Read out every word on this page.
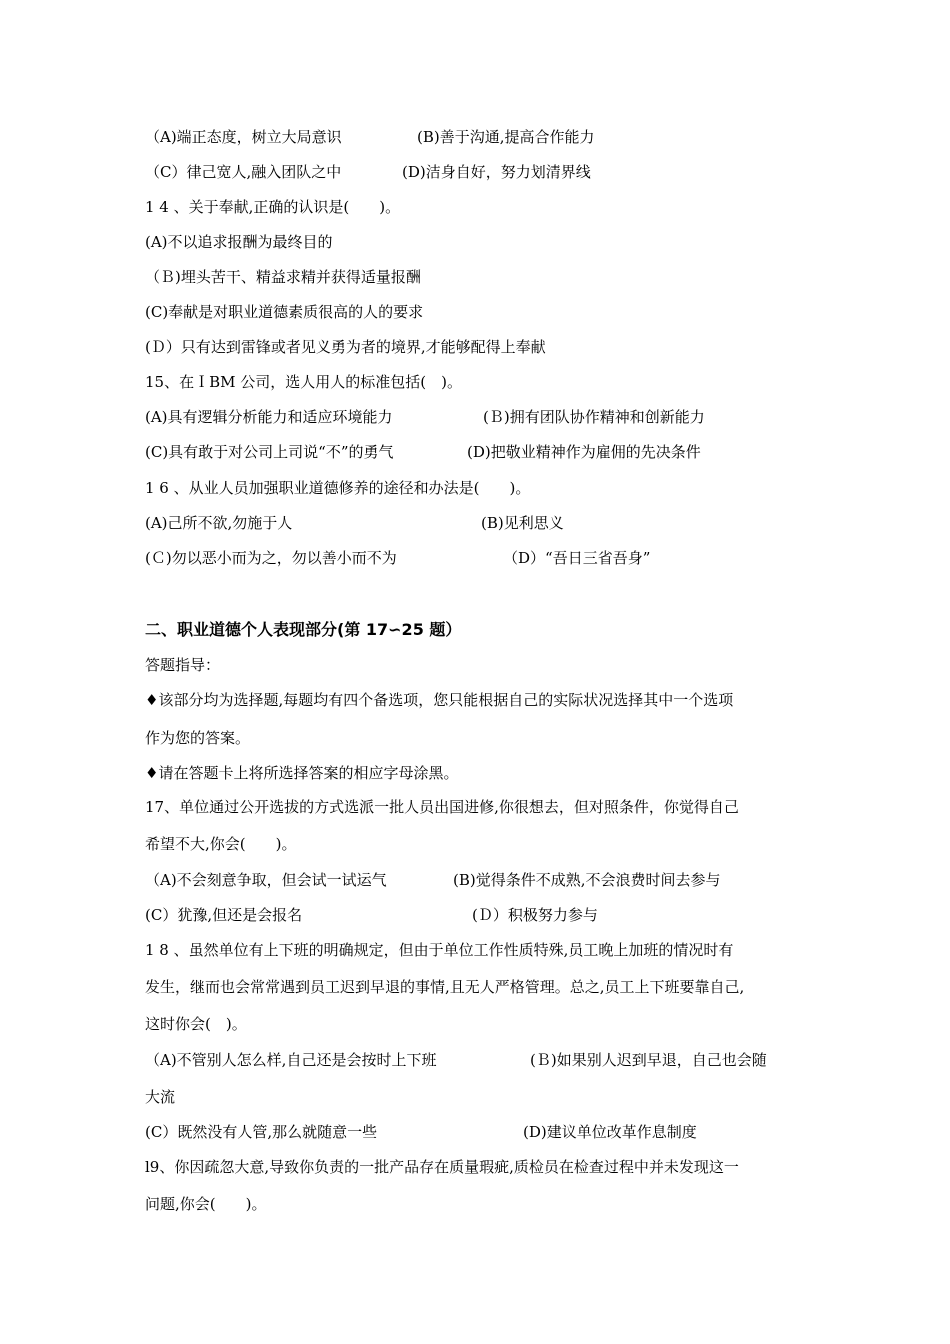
（A)端正态度，树立大局意识	(B)善于沟通,提高合作能力
（C）律己宽人,融入团队之中	(D)洁身自好，努力划清界线
1 4 、关于奉献,正确的认识是(　　)。
(A)不以追求报酬为最终目的
（Ｂ)埋头苦干、精益求精并获得适量报酬
(C)奉献是对职业道德素质很高的人的要求
(Ｄ）只有达到雷锋或者见义勇为者的境界,才能够配得上奉献
15、在ＩBM 公司，选人用人的标准包括(　)。
(A)具有逻辑分析能力和适应环境能力	(Ｂ)拥有团队协作精神和创新能力
(C)具有敢于对公司上司说“不”的勇气	(D)把敬业精神作为雇佣的先决条件
1 6 、从业人员加强职业道德修养的途径和办法是(　　)。
(A)己所不欲,勿施于人	(B)见利思义
(Ｃ)勿以恶小而为之，勿以善小而不为	（D）“吾日三省吾身”
二、职业道德个人表现部分(第 17∽25 题）
答题指导：
♦该部分均为选择题,每题均有四个备选项，您只能根据自己的实际状况选择其中一个选项
作为您的答案。
♦请在答题卡上将所选择答案的相应字母涂黑。
17、单位通过公开选拔的方式选派一批人员出国进修,你很想去，但对照条件，你觉得自己
希望不大,你会(　　)。
（A)不会刻意争取，但会试一试运气	(B)觉得条件不成熟,不会浪费时间去参与
(C）犹豫,但还是会报名	(Ｄ）积极努力参与
1 8 、虽然单位有上下班的明确规定，但由于单位工作性质特殊,员工晚上加班的情况时有
发生，继而也会常常遇到员工迟到早退的事情,且无人严格管理。总之,员工上下班要靠自己,
这时你会(　)。
（A)不管别人怎么样,自己还是会按时上下班	(Ｂ)如果别人迟到早退，自己也会随
大流
(C）既然没有人管,那么就随意一些	(D)建议单位改革作息制度
l9、你因疏忽大意,导致你负责的一批产品存在质量瑕疵,质检员在检查过程中并未发现这一
问题,你会(　　)。
